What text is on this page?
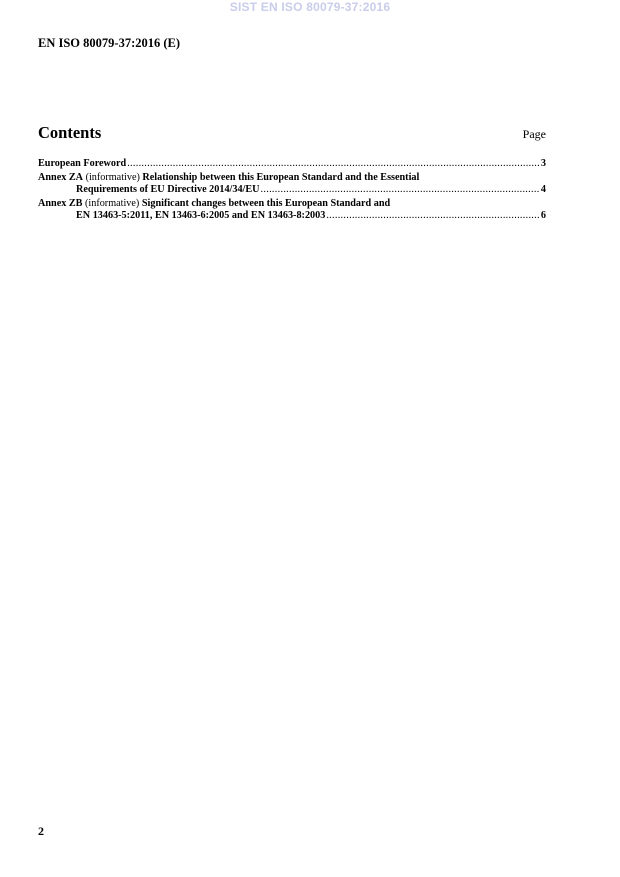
SIST EN ISO 80079-37:2016
EN ISO 80079-37:2016 (E)
Contents	Page
European Foreword .....	3
Annex ZA (informative) Relationship between this European Standard and the Essential
Requirements of EU Directive 2014/34/EU .....	4
Annex ZB (informative) Significant changes between this European Standard and
EN 13463-5:2011, EN 13463-6:2005 and EN 13463-8:2003 .....	6
2
